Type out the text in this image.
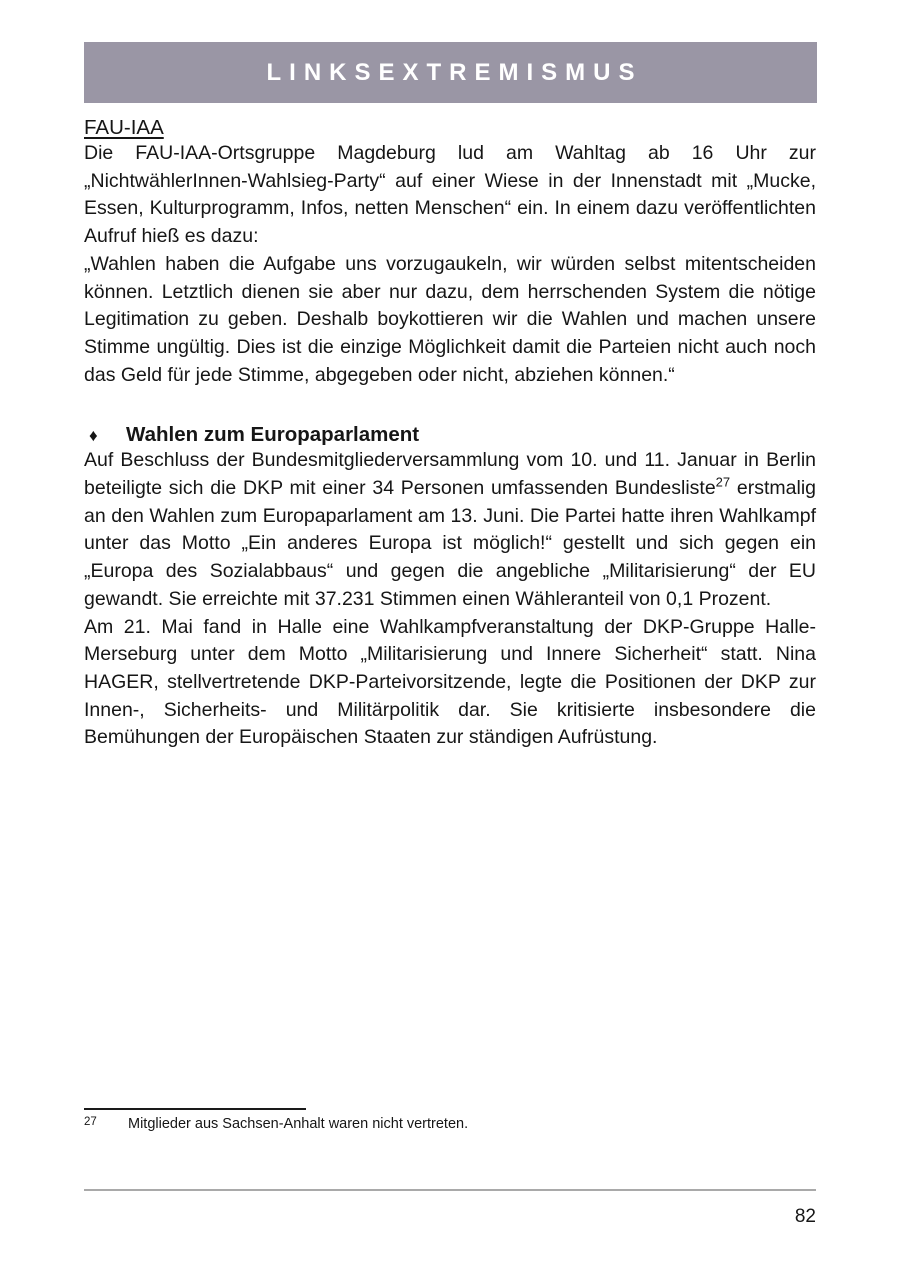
LINKSEXTREMISMUS
FAU-IAA

Die FAU-IAA-Ortsgruppe Magdeburg lud am Wahltag ab 16 Uhr zur „NichtwählerInnen-Wahlsieg-Party“ auf einer Wiese in der Innenstadt mit „Mucke, Essen, Kulturprogramm, Infos, netten Menschen“ ein. In einem dazu veröffentlichten Aufruf hieß es dazu:

„Wahlen haben die Aufgabe uns vorzugaukeln, wir würden selbst mitentscheiden können. Letztlich dienen sie aber nur dazu, dem herrschenden System die nötige Legitimation zu geben. Deshalb boykottieren wir die Wahlen und machen unsere Stimme ungültig. Dies ist die einzige Möglichkeit damit die Parteien nicht auch noch das Geld für jede Stimme, abgegeben oder nicht, abziehen können.“

♦	Wahlen zum Europaparlament

Auf Beschluss der Bundesmitgliederversammlung vom 10. und 11. Januar in Berlin beteiligte sich die DKP mit einer 34 Personen umfassenden Bundesliste$^{27}$ erstmalig an den Wahlen zum Europaparlament am 13. Juni. Die Partei hatte ihren Wahlkampf unter das Motto „Ein anderes Europa ist möglich!“ gestellt und sich gegen ein „Europa des Sozialabbaus“ und gegen die angebliche „Militarisierung“ der EU gewandt. Sie erreichte mit 37.231 Stimmen einen Wähleranteil von 0,1 Prozent.

Am 21. Mai fand in Halle eine Wahlkampfveranstaltung der DKP-Gruppe Halle-Merseburg unter dem Motto „Militarisierung und Innere Sicherheit“ statt. Nina HAGER, stellvertretende DKP-Parteivorsitzende, legte die Positionen der DKP zur Innen-, Sicherheits- und Militärpolitik dar. Sie kritisierte insbesondere die Bemühungen der Europäischen Staaten zur ständigen Aufrüstung.

27	Mitglieder aus Sachsen-Anhalt waren nicht vertreten.
82
